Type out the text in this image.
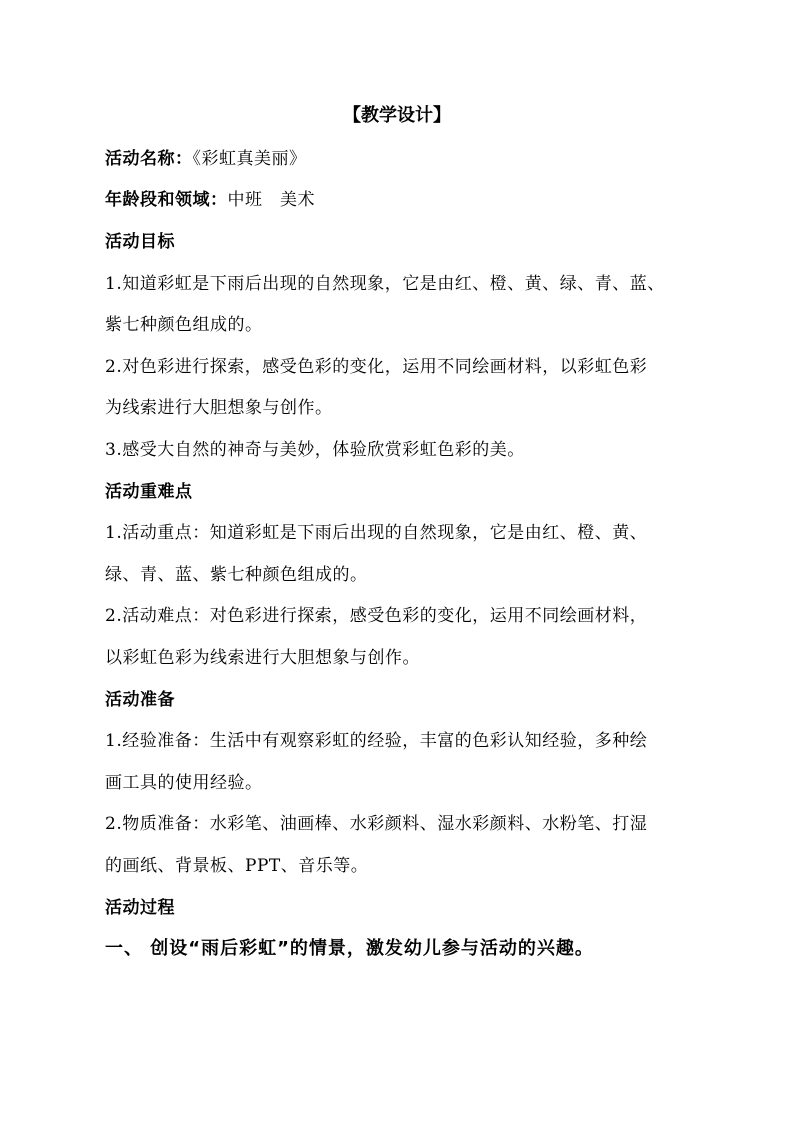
【教学设计】
活动名称：《彩虹真美丽》
年龄段和领域：中班　美术
活动目标
1.知道彩虹是下雨后出现的自然现象，它是由红、橙、黄、绿、青、蓝、
紫七种颜色组成的。
2.对色彩进行探索，感受色彩的变化，运用不同绘画材料，以彩虹色彩
为线索进行大胆想象与创作。
3.感受大自然的神奇与美妙，体验欣赏彩虹色彩的美。
活动重难点
1.活动重点：知道彩虹是下雨后出现的自然现象，它是由红、橙、黄、
绿、青、蓝、紫七种颜色组成的。
2.活动难点：对色彩进行探索，感受色彩的变化，运用不同绘画材料，
以彩虹色彩为线索进行大胆想象与创作。
活动准备
1.经验准备：生活中有观察彩虹的经验，丰富的色彩认知经验，多种绘
画工具的使用经验。
2.物质准备：水彩笔、油画棒、水彩颜料、湿水彩颜料、水粉笔、打湿
的画纸、背景板、PPT、音乐等。
活动过程
一、 创设“雨后彩虹”的情景，激发幼儿参与活动的兴趣。
